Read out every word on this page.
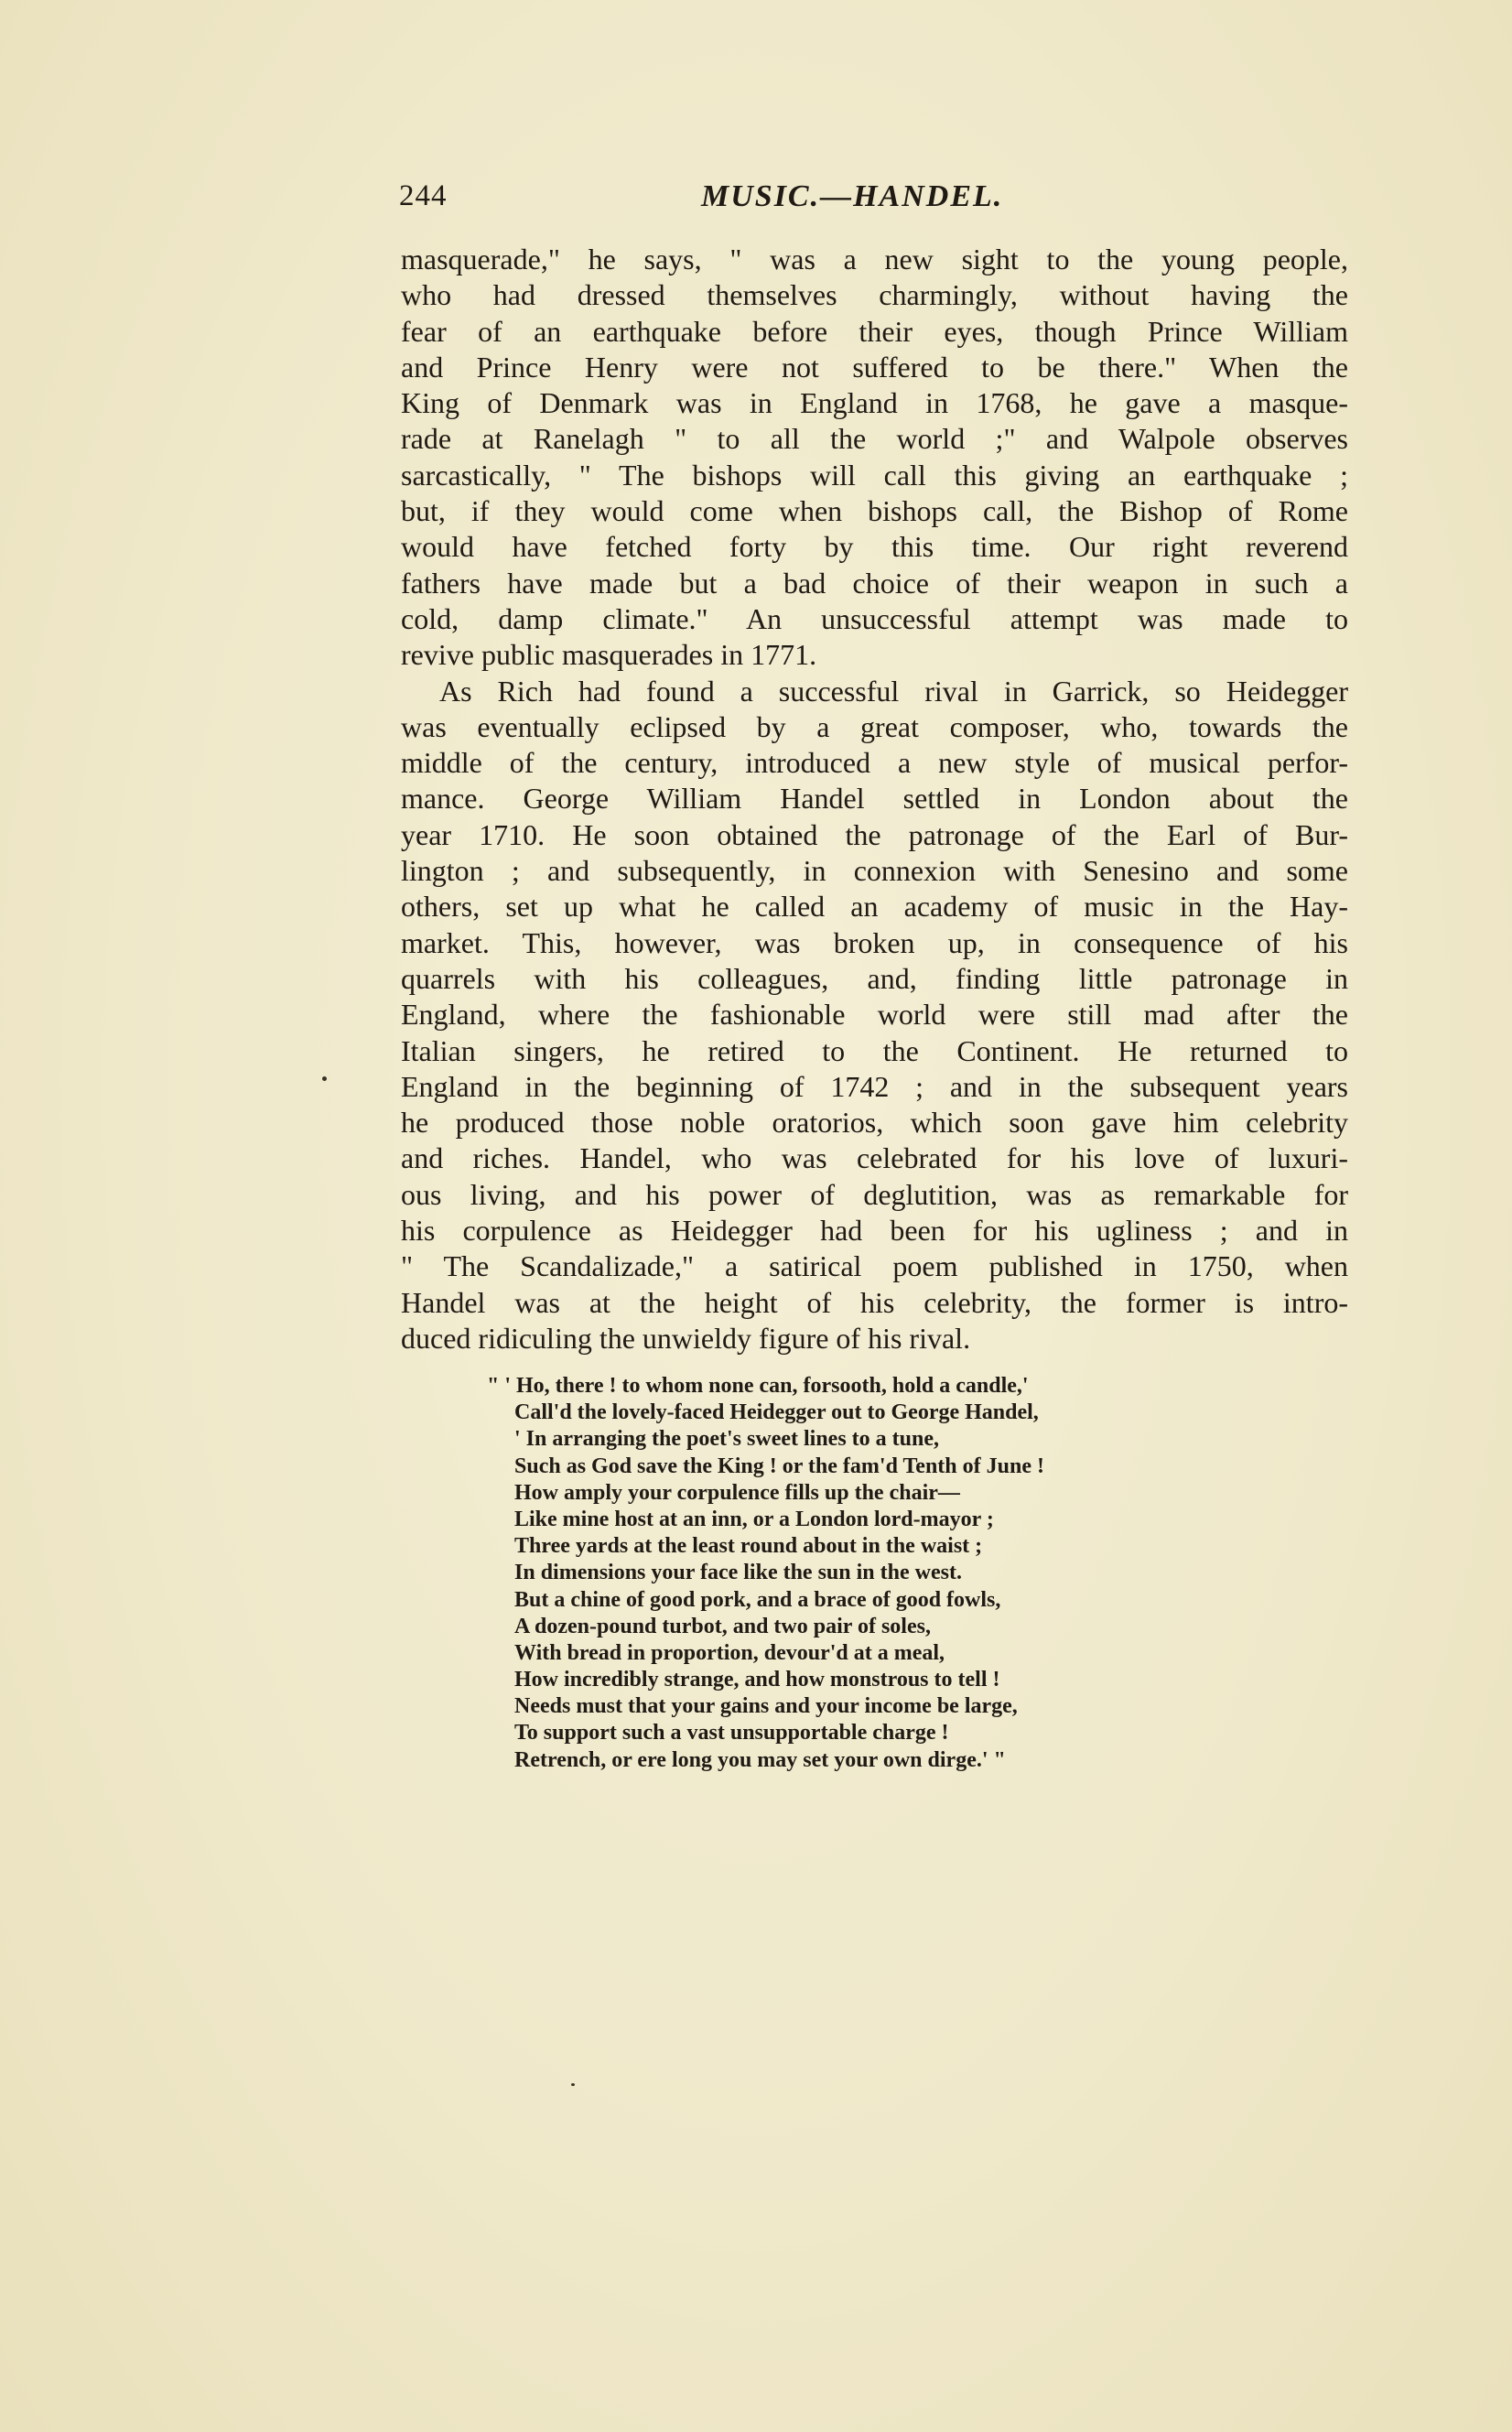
244	MUSIC.—HANDEL.
masquerade," he says, " was a new sight to the young people,
who had dressed themselves charmingly, without having the
fear of an earthquake before their eyes, though Prince William
and Prince Henry were not suffered to be there." When the
King of Denmark was in England in 1768, he gave a masque-
rade at Ranelagh " to all the world ;" and Walpole observes
sarcastically, " The bishops will call this giving an earthquake ;
but, if they would come when bishops call, the Bishop of Rome
would have fetched forty by this time. Our right reverend
fathers have made but a bad choice of their weapon in such a
cold, damp climate." An unsuccessful attempt was made to
revive public masquerades in 1771.
As Rich had found a successful rival in Garrick, so Heidegger
was eventually eclipsed by a great composer, who, towards the
middle of the century, introduced a new style of musical perfor-
mance. George William Handel settled in London about the
year 1710. He soon obtained the patronage of the Earl of Bur-
lington ; and subsequently, in connexion with Senesino and some
others, set up what he called an academy of music in the Hay-
market. This, however, was broken up, in consequence of his
quarrels with his colleagues, and, finding little patronage in
England, where the fashionable world were still mad after the
Italian singers, he retired to the Continent. He returned to
England in the beginning of 1742 ; and in the subsequent years
he produced those noble oratorios, which soon gave him celebrity
and riches. Handel, who was celebrated for his love of luxuri-
ous living, and his power of deglutition, was as remarkable for
his corpulence as Heidegger had been for his ugliness ; and in
" The Scandalizade," a satirical poem published in 1750, when
Handel was at the height of his celebrity, the former is intro-
duced ridiculing the unwieldy figure of his rival.
" ' Ho, there ! to whom none can, forsooth, hold a candle,'
Call'd the lovely-faced Heidegger out to George Handel,
' In arranging the poet's sweet lines to a tune,
Such as God save the King ! or the fam'd Tenth of June !
How amply your corpulence fills up the chair—
Like mine host at an inn, or a London lord-mayor ;
Three yards at the least round about in the waist ;
In dimensions your face like the sun in the west.
But a chine of good pork, and a brace of good fowls,
A dozen-pound turbot, and two pair of soles,
With bread in proportion, devour'd at a meal,
How incredibly strange, and how monstrous to tell !
Needs must that your gains and your income be large,
To support such a vast unsupportable charge !
Retrench, or ere long you may set your own dirge.' "
